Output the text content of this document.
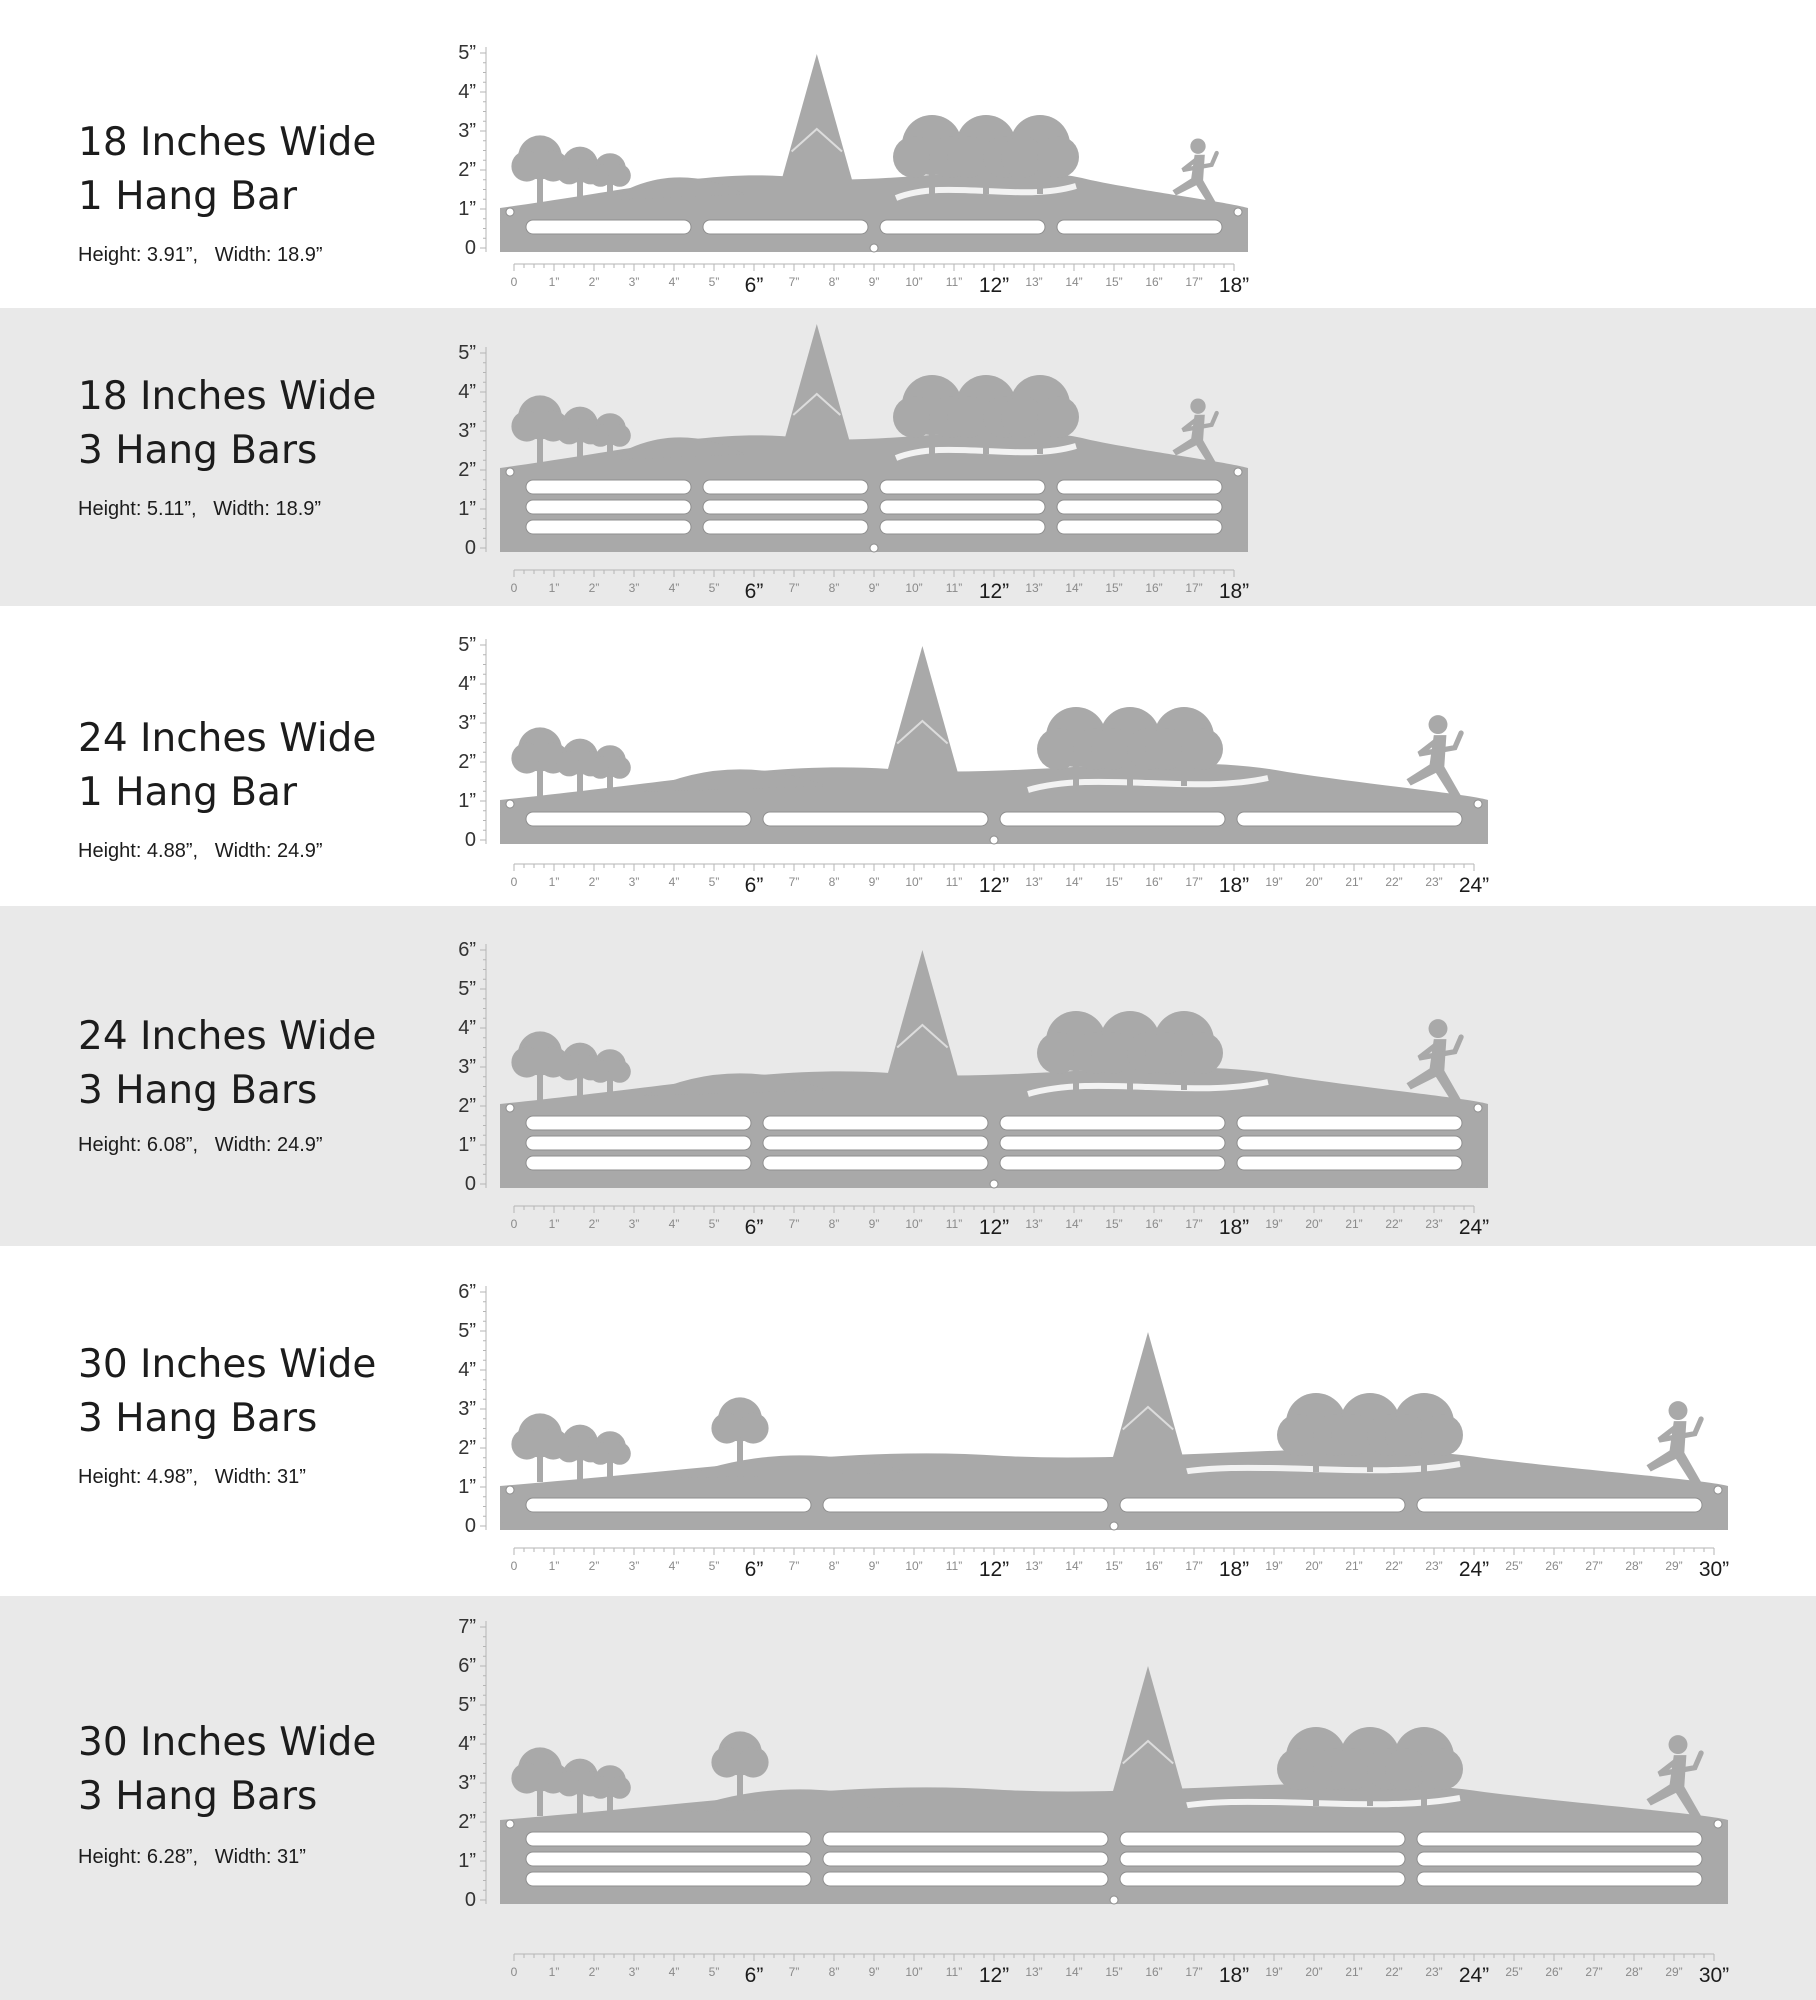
18 Inches Wide
1 Hang Bar
Height: 3.91”,   Width: 18.9”	0
1”
2”
3”
4”
5”
0	1” 2” 3” 4” 5” 6” 7” 8” 9” 10” 11” 12” 13” 14” 15” 16” 17” 18”
18 Inches Wide
3 Hang Bars
Height: 5.11”,   Width: 18.9”
0
1”
2”
3”
4”
5”
0	1” 2” 3” 4” 5” 6” 7” 8” 9” 10” 11” 12” 13” 14” 15” 16” 17” 18”
24 Inches Wide
1 Hang Bar
Height: 4.88”,   Width: 24.9”	0
1”
2”
3”
4”
5”
0	1” 2” 3” 4” 5” 6” 7” 8” 9” 10” 11” 12” 13” 14” 15” 16” 17” 18” 19” 20” 21” 22” 23” 24”
24 Inches Wide
3 Hang Bars
Height: 6.08”,   Width: 24.9”
0
1”
2”
3”
4”
5”
6”
0	1” 2” 3” 4” 5” 6” 7” 8” 9” 10” 11” 12” 13” 14” 15” 16” 17” 18” 19” 20” 21” 22” 23” 24”
30 Inches Wide
3 Hang Bars
Height: 4.98”,   Width: 31”
0
1”
2”
3”
4”
5”
6”
0	1” 2” 3” 4” 5” 6” 7” 8” 9” 10” 11” 12” 13” 14” 15” 16” 17” 18” 19” 20” 21” 22” 23” 24” 25” 26” 27” 28” 29” 30”
30 Inches Wide
3 Hang Bars
Height: 6.28”,   Width: 31”
0
1”
2”
3”
4”
5”
6”
7”
0	1” 2” 3” 4” 5” 6” 7” 8” 9” 10” 11” 12” 13” 14” 15” 16” 17” 18” 19” 20” 21” 22” 23” 24” 25” 26” 27” 28” 29” 30”
